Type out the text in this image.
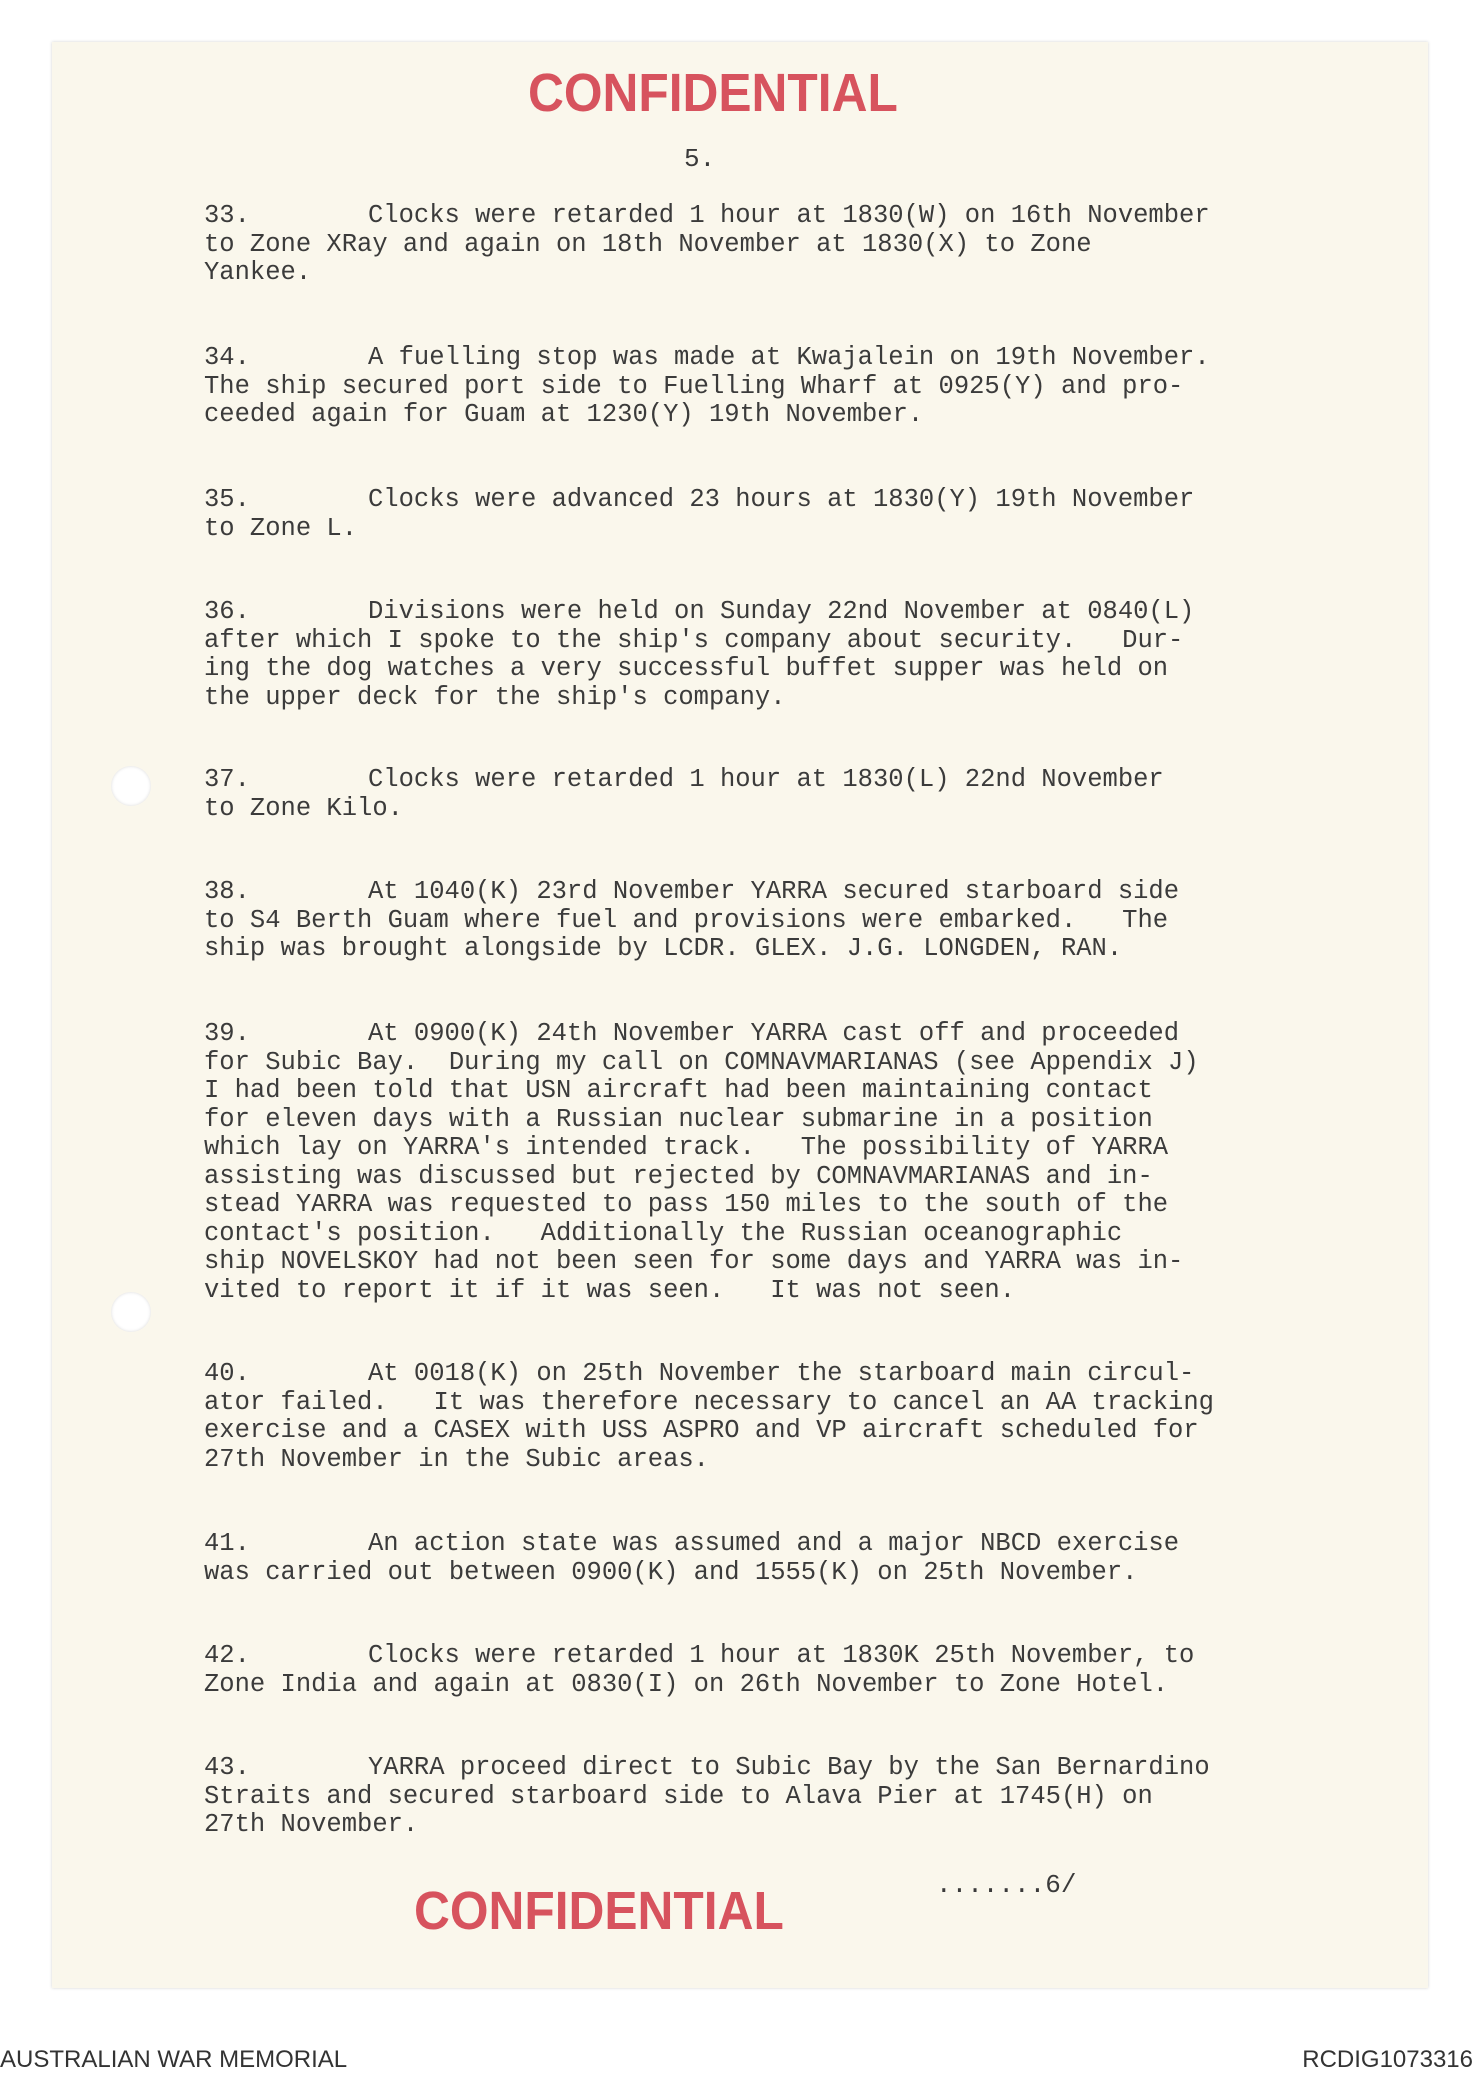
CONFIDENTIAL
5.
33.	Clocks were retarded 1 hour at 1830(W) on 16th November
to Zone XRay and again on 18th November at 1830(X) to Zone
Yankee.
34.	A fuelling stop was made at Kwajalein on 19th November.
The ship secured port side to Fuelling Wharf at 0925(Y) and pro-
ceeded again for Guam at 1230(Y) 19th November.
35.	Clocks were advanced 23 hours at 1830(Y) 19th November
to Zone L.
36.	Divisions were held on Sunday 22nd November at 0840(L)
after which I spoke to the ship's company about security.   Dur-
ing the dog watches a very successful buffet supper was held on
the upper deck for the ship's company.
37.	Clocks were retarded 1 hour at 1830(L) 22nd November
to Zone Kilo.
38.	At 1040(K) 23rd November YARRA secured starboard side
to S4 Berth Guam where fuel and provisions were embarked.   The
ship was brought alongside by LCDR. GLEX. J.G. LONGDEN, RAN.
39.	At 0900(K) 24th November YARRA cast off and proceeded
for Subic Bay.  During my call on COMNAVMARIANAS (see Appendix J)
I had been told that USN aircraft had been maintaining contact
for eleven days with a Russian nuclear submarine in a position
which lay on YARRA's intended track.   The possibility of YARRA
assisting was discussed but rejected by COMNAVMARIANAS and in-
stead YARRA was requested to pass 150 miles to the south of the
contact's position.   Additionally the Russian oceanographic
ship NOVELSKOY had not been seen for some days and YARRA was in-
vited to report it if it was seen.   It was not seen.
40.	At 0018(K) on 25th November the starboard main circul-
ator failed.   It was therefore necessary to cancel an AA tracking
exercise and a CASEX with USS ASPRO and VP aircraft scheduled for
27th November in the Subic areas.
41.	An action state was assumed and a major NBCD exercise
was carried out between 0900(K) and 1555(K) on 25th November.
42.	Clocks were retarded 1 hour at 1830K 25th November, to
Zone India and again at 0830(I) on 26th November to Zone Hotel.
43.	YARRA proceed direct to Subic Bay by the San Bernardino
Straits and secured starboard side to Alava Pier at 1745(H) on
27th November.
CONFIDENTIAL	.......6/
AUSTRALIAN WAR MEMORIAL	RCDIG1073316
